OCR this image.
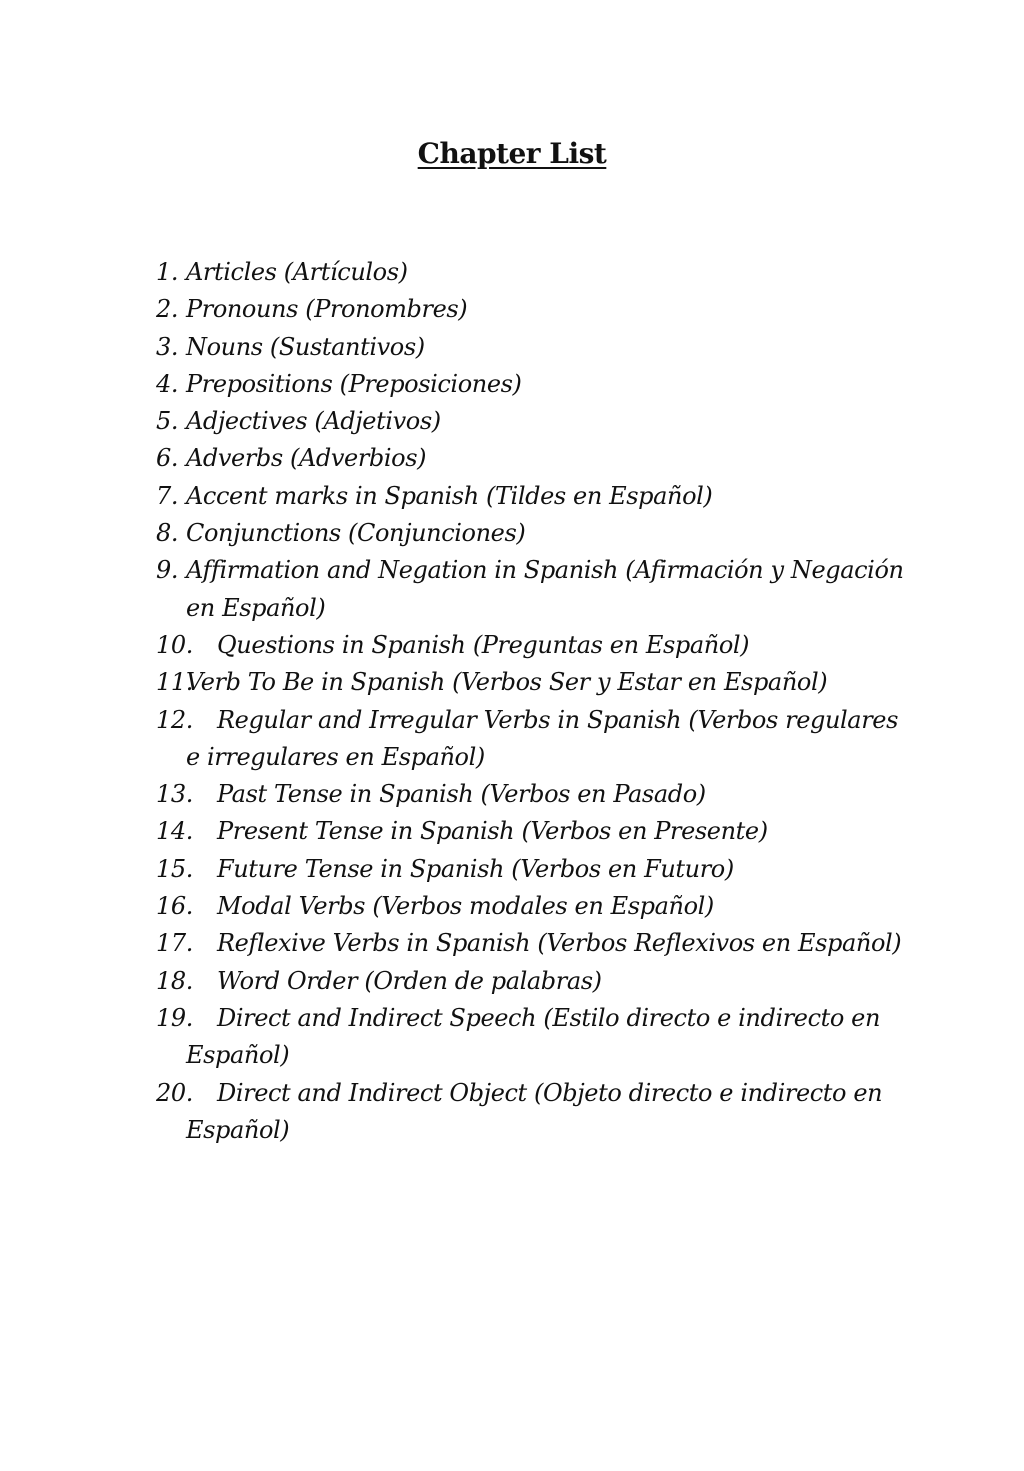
Chapter List
1. Articles (Artículos)
2. Pronouns (Pronombres)
3. Nouns (Sustantivos)
4. Prepositions (Preposiciones)
5. Adjectives (Adjetivos)
6. Adverbs (Adverbios)
7. Accent marks in Spanish (Tildes en Español)
8. Conjunctions (Conjunciones)
9. Affirmation and Negation in Spanish (Afirmación y Negación en Español)
10. Questions in Spanish (Preguntas en Español)
11.
Verb To Be in Spanish (Verbos Ser y Estar en Español)
12. Regular and Irregular Verbs in Spanish (Verbos regulares e irregulares en Español)
13. Past Tense in Spanish (Verbos en Pasado)
14. Present Tense in Spanish (Verbos en Presente)
15. Future Tense in Spanish (Verbos en Futuro)
16. Modal Verbs (Verbos modales en Español)
17. Reflexive Verbs in Spanish (Verbos Reflexivos en Español)
18. Word Order (Orden de palabras)
19. Direct and Indirect Speech (Estilo directo e indirecto en Español)
20. Direct and Indirect Object (Objeto directo e indirecto en Español)
